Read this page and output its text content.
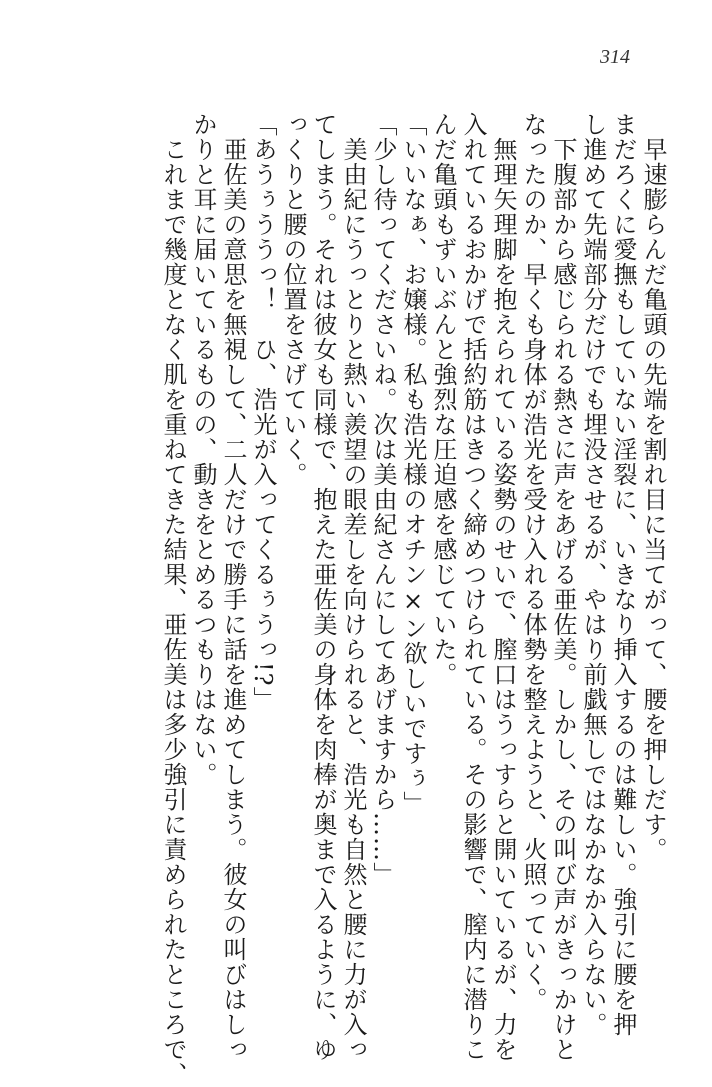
314
　早速膨らんだ亀頭の先端を割れ目に当てがって、腰を押しだす。
まだろくに愛撫もしていない淫裂に、いきなり挿入するのは難しい。強引に腰を押
し進めて先端部分だけでも埋没させるが、やはり前戯無しではなかなか入らない。
　下腹部から感じられる熱さに声をあげる亜佐美。しかし、その叫び声がきっかけと
なったのか、早くも身体が浩光を受け入れる体勢を整えようと、火照っていく。
　無理矢理脚を抱えられている姿勢のせいで、膣口はうっすらと開いているが、力を
入れているおかげで括約筋はきつく締めつけられている。その影響で、膣内に潜りこ
んだ亀頭もずいぶんと強烈な圧迫感を感じていた。
「いいなぁ、お嬢様。私も浩光様のオチン×ン欲しいですぅ」
「少し待ってくださいね。次は美由紀さんにしてあげますから……」
　美由紀にうっとりと熱い羨望の眼差しを向けられると、浩光も自然と腰に力が入っ
てしまう。それは彼女も同様で、抱えた亜佐美の身体を肉棒が奥まで入るように、ゆ
っくりと腰の位置をさげていく。
「あうぅううっ！　ひ、浩光が入ってくるぅうっ!?」
　亜佐美の意思を無視して、二人だけで勝手に話を進めてしまう。彼女の叫びはしっ
かりと耳に届いているものの、動きをとめるつもりはない。
　これまで幾度となく肌を重ねてきた結果、亜佐美は多少強引に責められたところで、
